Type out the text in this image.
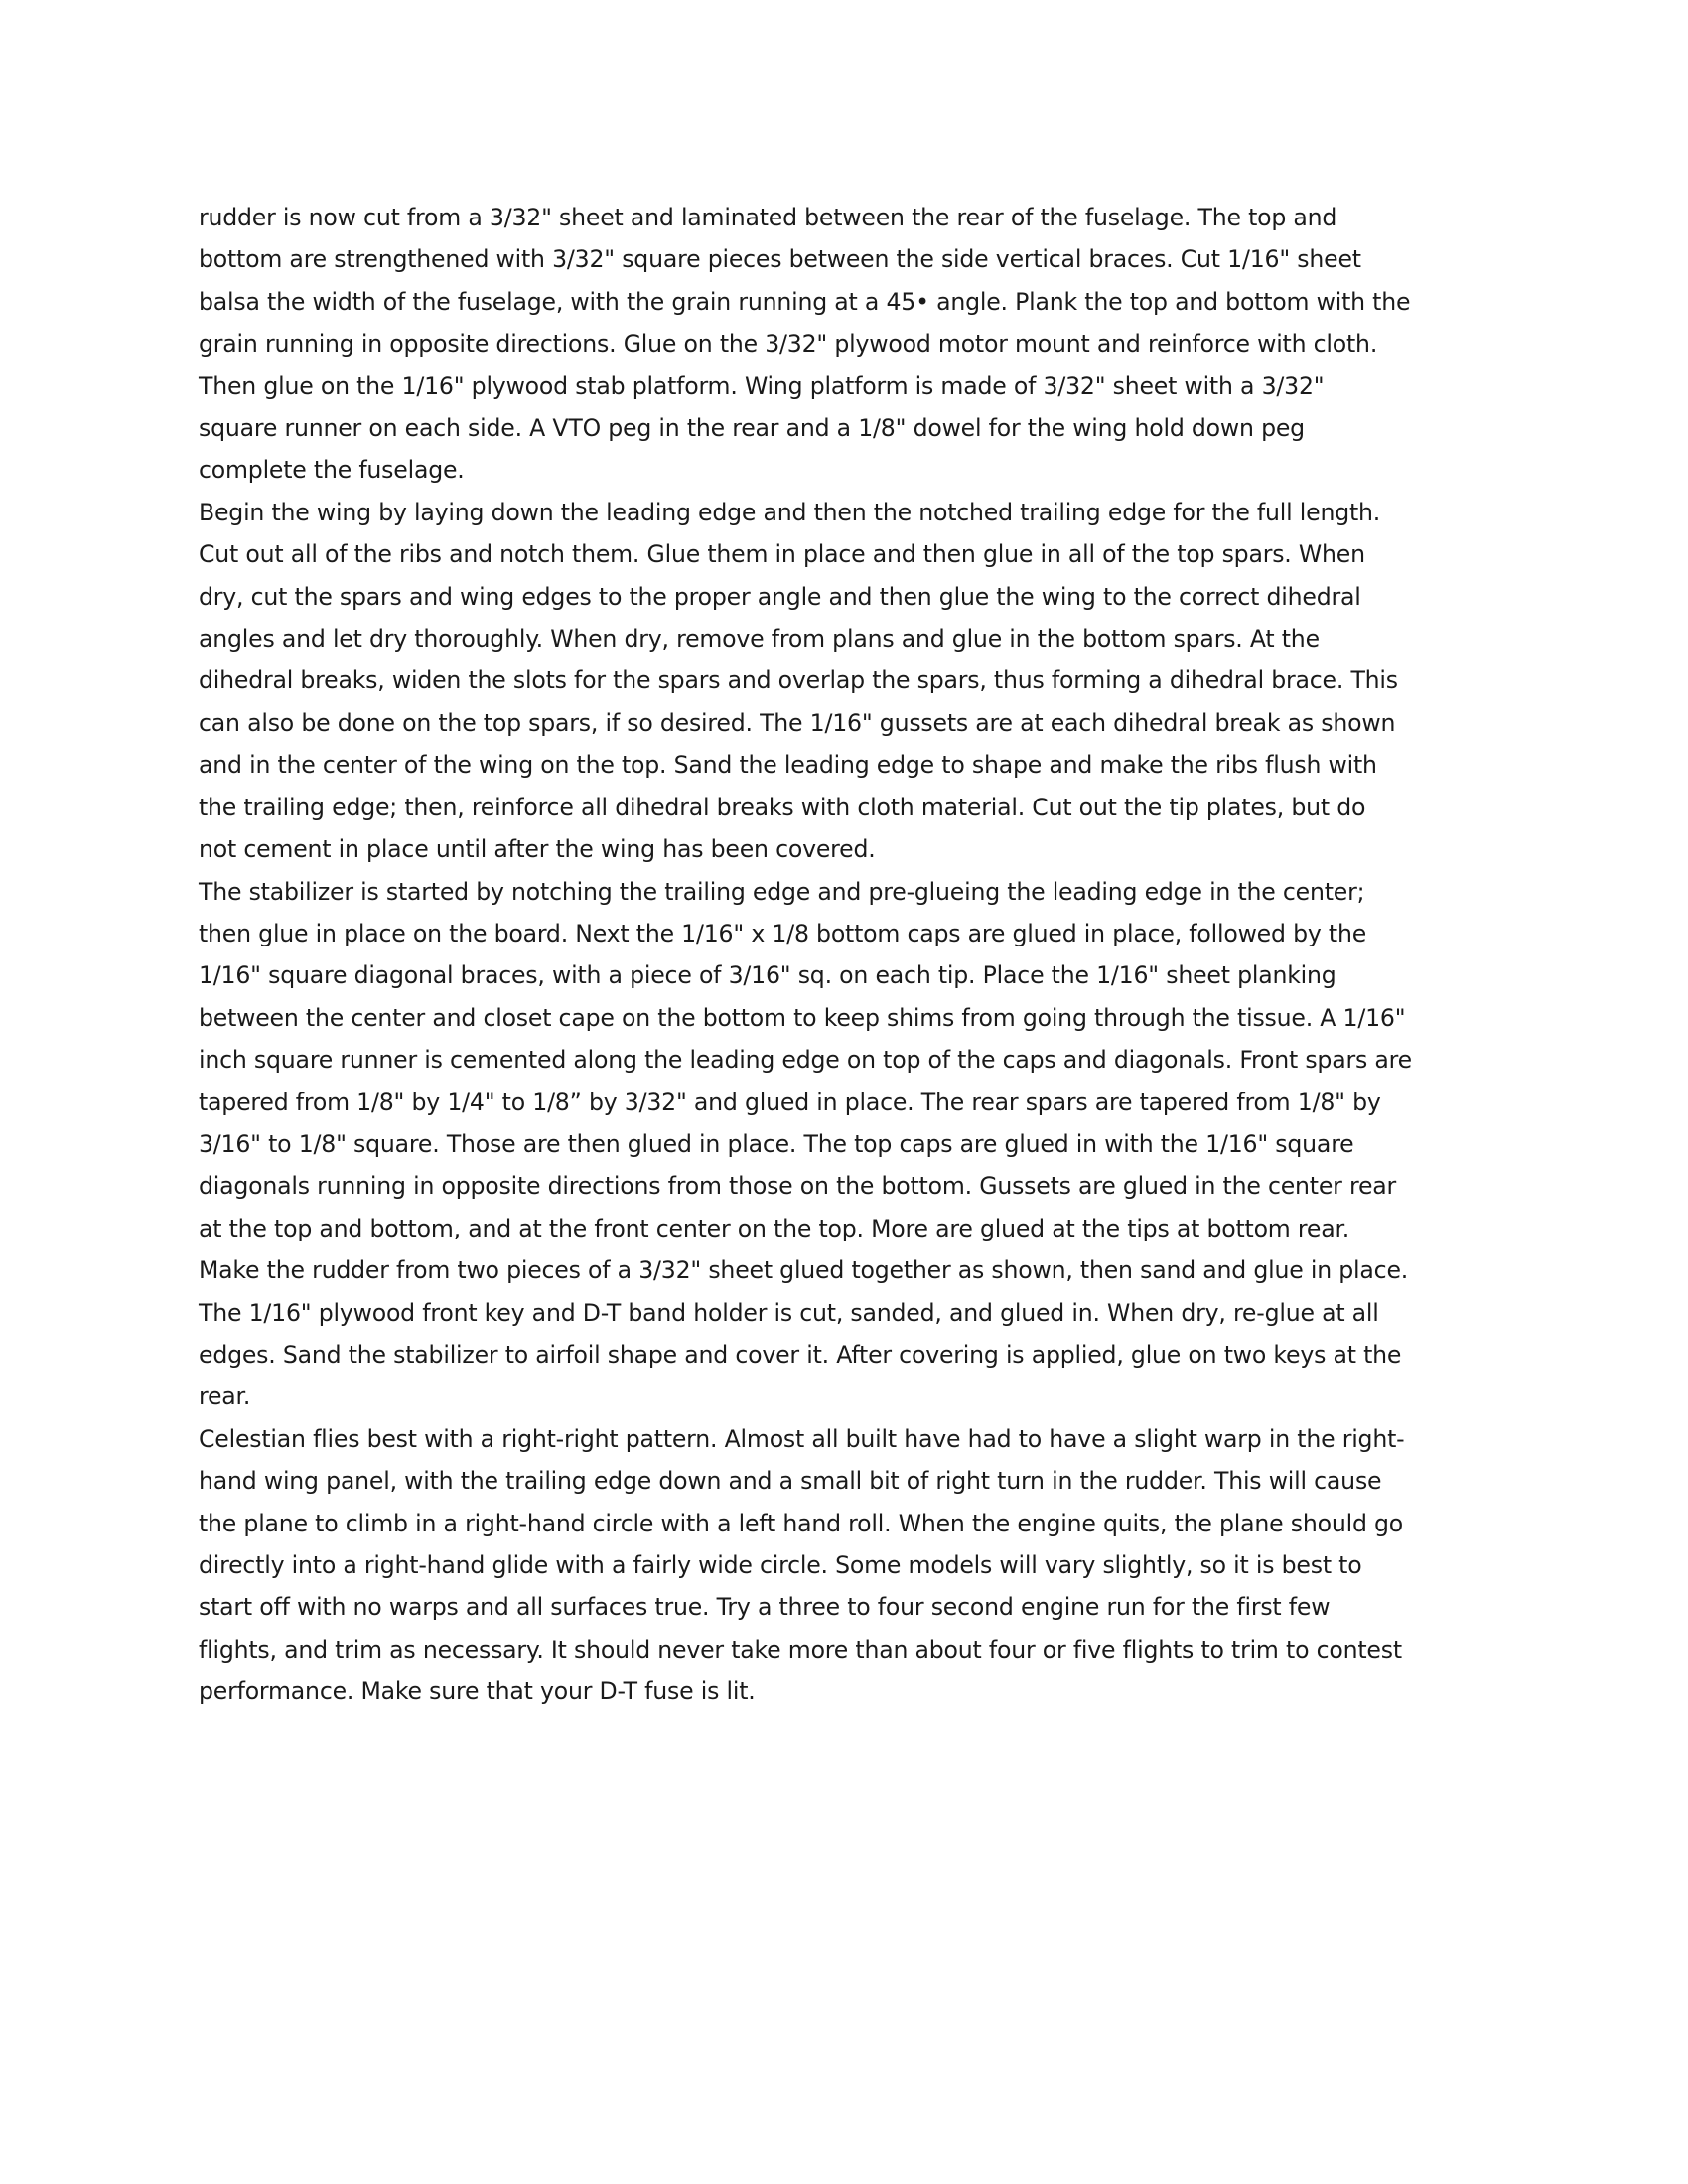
rudder is now cut from a 3/32" sheet and laminated between the rear of the fuselage. The top and
bottom are strengthened with 3/32" square pieces between the side vertical braces. Cut 1/16" sheet
balsa the width of the fuselage, with the grain running at a 45• angle. Plank the top and bottom with the
grain running in opposite directions. Glue on the 3/32" plywood motor mount and reinforce with cloth.
Then glue on the 1/16" plywood stab platform. Wing platform is made of 3/32" sheet with a 3/32"
square runner on each side. A VTO peg in the rear and a 1/8" dowel for the wing hold down peg
complete the fuselage.
Begin the wing by laying down the leading edge and then the notched trailing edge for the full length.
Cut out all of the ribs and notch them. Glue them in place and then glue in all of the top spars. When
dry, cut the spars and wing edges to the proper angle and then glue the wing to the correct dihedral
angles and let dry thoroughly. When dry, remove from plans and glue in the bottom spars. At the
dihedral breaks, widen the slots for the spars and overlap the spars, thus forming a dihedral brace. This
can also be done on the top spars, if so desired. The 1/16" gussets are at each dihedral break as shown
and in the center of the wing on the top. Sand the leading edge to shape and make the ribs flush with
the trailing edge; then, reinforce all dihedral breaks with cloth material. Cut out the tip plates, but do
not cement in place until after the wing has been covered.
The stabilizer is started by notching the trailing edge and pre-glueing the leading edge in the center;
then glue in place on the board. Next the 1/16" x 1/8 bottom caps are glued in place, followed by the
1/16" square diagonal braces, with a piece of 3/16" sq. on each tip. Place the 1/16" sheet planking
between the center and closet cape on the bottom to keep shims from going through the tissue. A 1/16"
inch square runner is cemented along the leading edge on top of the caps and diagonals. Front spars are
tapered from 1/8" by 1/4" to 1/8” by 3/32" and glued in place. The rear spars are tapered from 1/8" by
3/16" to 1/8" square. Those are then glued in place. The top caps are glued in with the 1/16" square
diagonals running in opposite directions from those on the bottom. Gussets are glued in the center rear
at the top and bottom, and at the front center on the top. More are glued at the tips at bottom rear.
Make the rudder from two pieces of a 3/32" sheet glued together as shown, then sand and glue in place.
The 1/16" plywood front key and D-T band holder is cut, sanded, and glued in. When dry, re-glue at all
edges. Sand the stabilizer to airfoil shape and cover it. After covering is applied, glue on two keys at the
rear.
Celestian flies best with a right-right pattern. Almost all built have had to have a slight warp in the right-
hand wing panel, with the trailing edge down and a small bit of right turn in the rudder. This will cause
the plane to climb in a right-hand circle with a left hand roll. When the engine quits, the plane should go
directly into a right-hand glide with a fairly wide circle. Some models will vary slightly, so it is best to
start off with no warps and all surfaces true. Try a three to four second engine run for the first few
flights, and trim as necessary. It should never take more than about four or five flights to trim to contest
performance. Make sure that your D-T fuse is lit.
